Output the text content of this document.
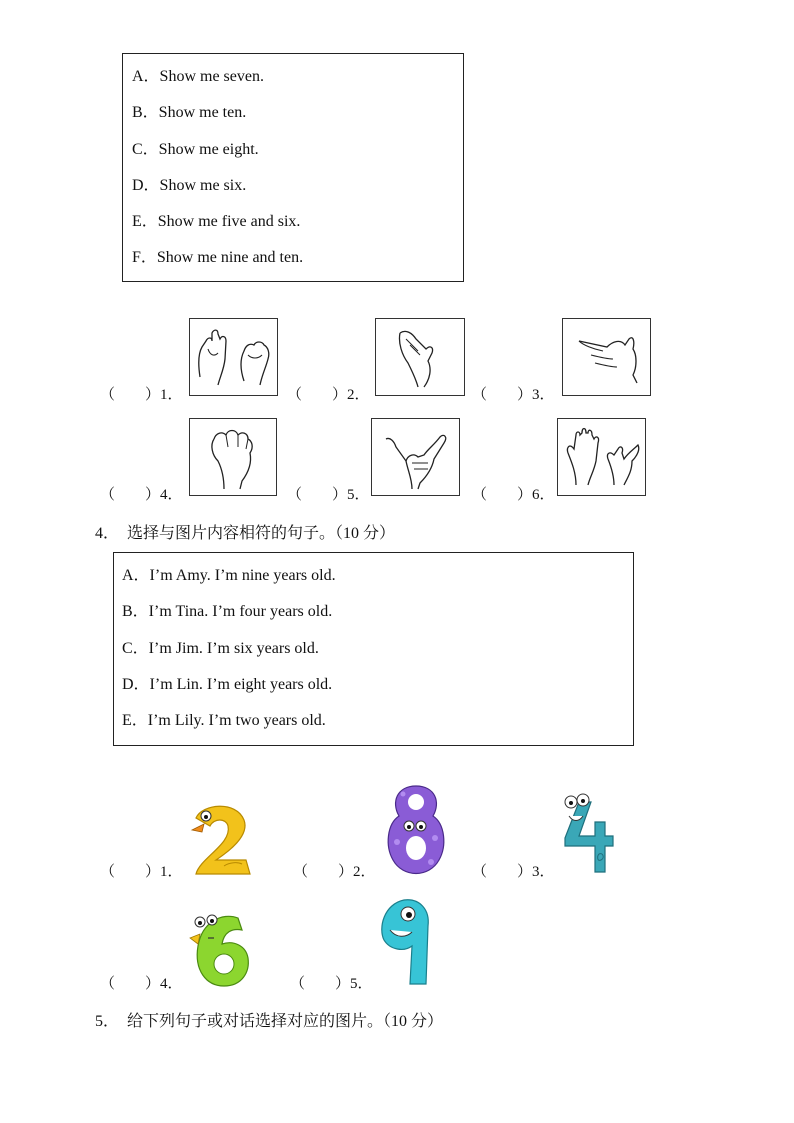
A．Show me seven.
B．Show me ten.
C．Show me eight.
D．Show me six.
E．Show me five and six.
F．Show me nine and ten.
（　　）1．	（　　）2．	（　　）3．
（　　）4．	（　　）5．	（　　）6．
4．　选择与图片内容相符的句子。（10 分）
A．I’m Amy. I’m nine years old.
B．I’m Tina. I’m four years old.
C．I’m Jim. I’m six years old.
D．I’m Lin. I’m eight years old.
E．I’m Lily. I’m two years old.
（　　）1．	（　　）2．	（　　）3．
（　　）4．	（　　）5．
5．　给下列句子或对话选择对应的图片。（10 分）
